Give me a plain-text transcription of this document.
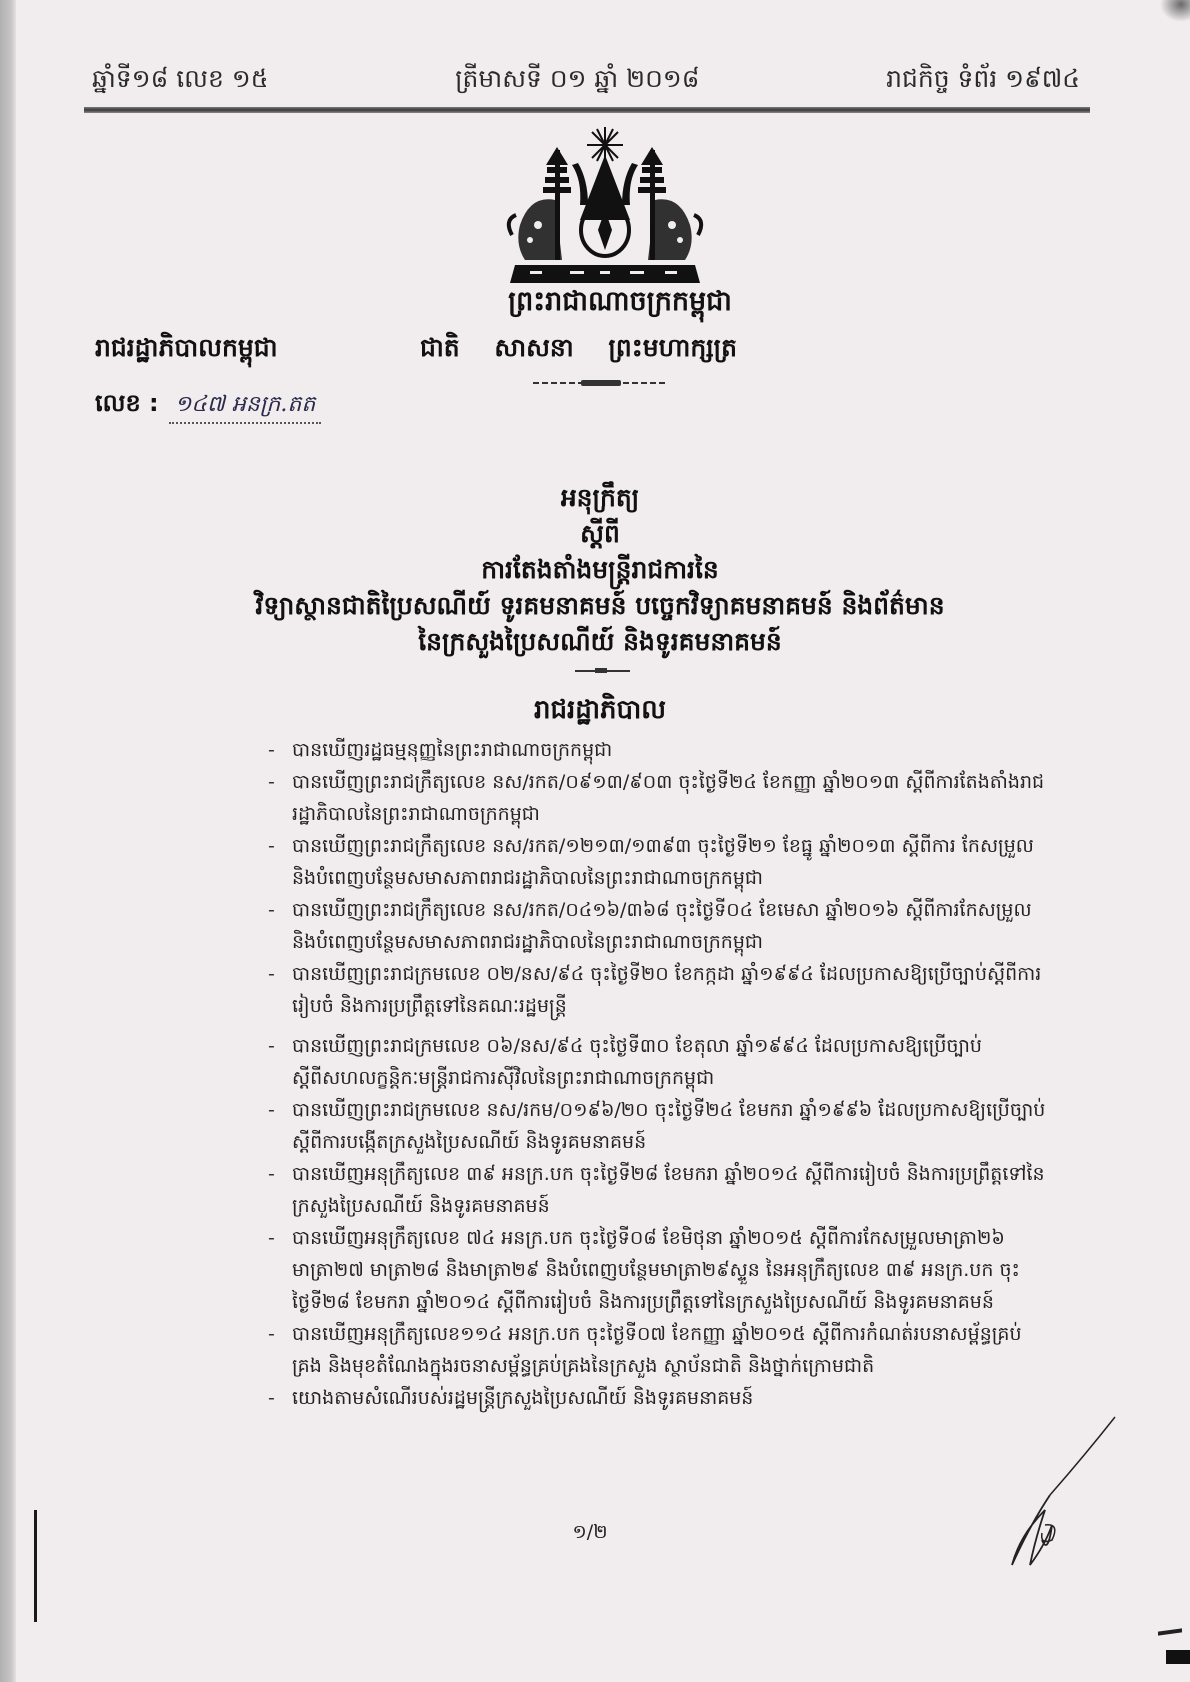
ឆ្នាំទី១៨ លេខ ១៥	ត្រីមាសទី ០១ ឆ្នាំ ២០១៨	រាជកិច្ច ទំព័រ ១៩៧៤
ព្រះរាជាណាចក្រកម្ពុជា
រាជរដ្ឋាភិបាលកម្ពុជា	ជាតិ សាសនា ព្រះមហាក្សត្រ
លេខ : ១៤៧ អនក្រ.តត
អនុក្រឹត្យ
ស្ដីពី
ការតែងតាំងមន្ត្រីរាជការនៃ
វិទ្យាស្ថានជាតិប្រៃសណីយ៍ ទូរគមនាគមន៍ បច្ចេកវិទ្យាគមនាគមន៍ និងព័ត៌មាន
នៃក្រសួងប្រៃសណីយ៍ និងទូរគមនាគមន៍
រាជរដ្ឋាភិបាល
- បានឃើញរដ្ឋធម្មនុញ្ញនៃព្រះរាជាណាចក្រកម្ពុជា
- បានឃើញព្រះរាជក្រឹត្យលេខ នស/រកត/០៩១៣/៩០៣ ចុះថ្ងៃទី២៤ ខែកញ្ញា ឆ្នាំ២០១៣ ស្ដីពីការតែងតាំងរាជរដ្ឋាភិបាលនៃព្រះរាជាណាចក្រកម្ពុជា
- បានឃើញព្រះរាជក្រឹត្យលេខ នស/រកត/១២១៣/១៣៩៣ ចុះថ្ងៃទី២១ ខែធ្នូ ឆ្នាំ២០១៣ ស្ដីពីការ កែសម្រួល និងបំពេញបន្ថែមសមាសភាពរាជរដ្ឋាភិបាលនៃព្រះរាជាណាចក្រកម្ពុជា
- បានឃើញព្រះរាជក្រឹត្យលេខ នស/រកត/០៤១៦/៣៦៨ ចុះថ្ងៃទី០៤ ខែមេសា ឆ្នាំ២០១៦ ស្ដីពីការកែសម្រួល និងបំពេញបន្ថែមសមាសភាពរាជរដ្ឋាភិបាលនៃព្រះរាជាណាចក្រកម្ពុជា
- បានឃើញព្រះរាជក្រមលេខ ០២/នស/៩៤ ចុះថ្ងៃទី២០ ខែកក្កដា ឆ្នាំ១៩៩៤ ដែលប្រកាសឱ្យប្រើច្បាប់ស្ដីពីការរៀបចំ និងការប្រព្រឹត្តទៅនៃគណៈរដ្ឋមន្ត្រី
- បានឃើញព្រះរាជក្រមលេខ ០៦/នស/៩៤ ចុះថ្ងៃទី៣០ ខែតុលា ឆ្នាំ១៩៩៤ ដែលប្រកាសឱ្យប្រើច្បាប់ស្ដីពីសហលក្ខន្តិកៈមន្ត្រីរាជការស៊ីវិលនៃព្រះរាជាណាចក្រកម្ពុជា
- បានឃើញព្រះរាជក្រមលេខ នស/រកម/០១៩៦/២០ ចុះថ្ងៃទី២៤ ខែមករា ឆ្នាំ១៩៩៦ ដែលប្រកាសឱ្យប្រើច្បាប់ស្ដីពីការបង្កើតក្រសួងប្រៃសណីយ៍ និងទូរគមនាគមន៍
- បានឃើញអនុក្រឹត្យលេខ ៣៩ អនក្រ.បក ចុះថ្ងៃទី២៨ ខែមករា ឆ្នាំ២០១៤ ស្ដីពីការរៀបចំ និងការប្រព្រឹត្តទៅនៃក្រសួងប្រៃសណីយ៍ និងទូរគមនាគមន៍
- បានឃើញអនុក្រឹត្យលេខ ៧៤ អនក្រ.បក ចុះថ្ងៃទី០៨ ខែមិថុនា ឆ្នាំ២០១៥ ស្ដីពីការកែសម្រួលមាត្រា២៦ មាត្រា២៧ មាត្រា២៨ និងមាត្រា២៩ និងបំពេញបន្ថែមមាត្រា២៩ស្ទួន នៃអនុក្រឹត្យលេខ ៣៩ អនក្រ.បក ចុះថ្ងៃទី២៨ ខែមករា ឆ្នាំ២០១៤ ស្ដីពីការរៀបចំ និងការប្រព្រឹត្តទៅនៃក្រសួងប្រៃសណីយ៍ និងទូរគមនាគមន៍
- បានឃើញអនុក្រឹត្យលេខ១១៤ អនក្រ.បក ចុះថ្ងៃទី០៧ ខែកញ្ញា ឆ្នាំ២០១៥ ស្ដីពីការកំណត់របនាសម្ព័ន្ធគ្រប់គ្រង និងមុខតំណែងក្នុងរចនាសម្ព័ន្ធគ្រប់គ្រងនៃក្រសួង ស្ថាប័នជាតិ និងថ្នាក់ក្រោមជាតិ
- យោងតាមសំណើរបស់រដ្ឋមន្ត្រីក្រសួងប្រៃសណីយ៍ និងទូរគមនាគមន៍
១/២
